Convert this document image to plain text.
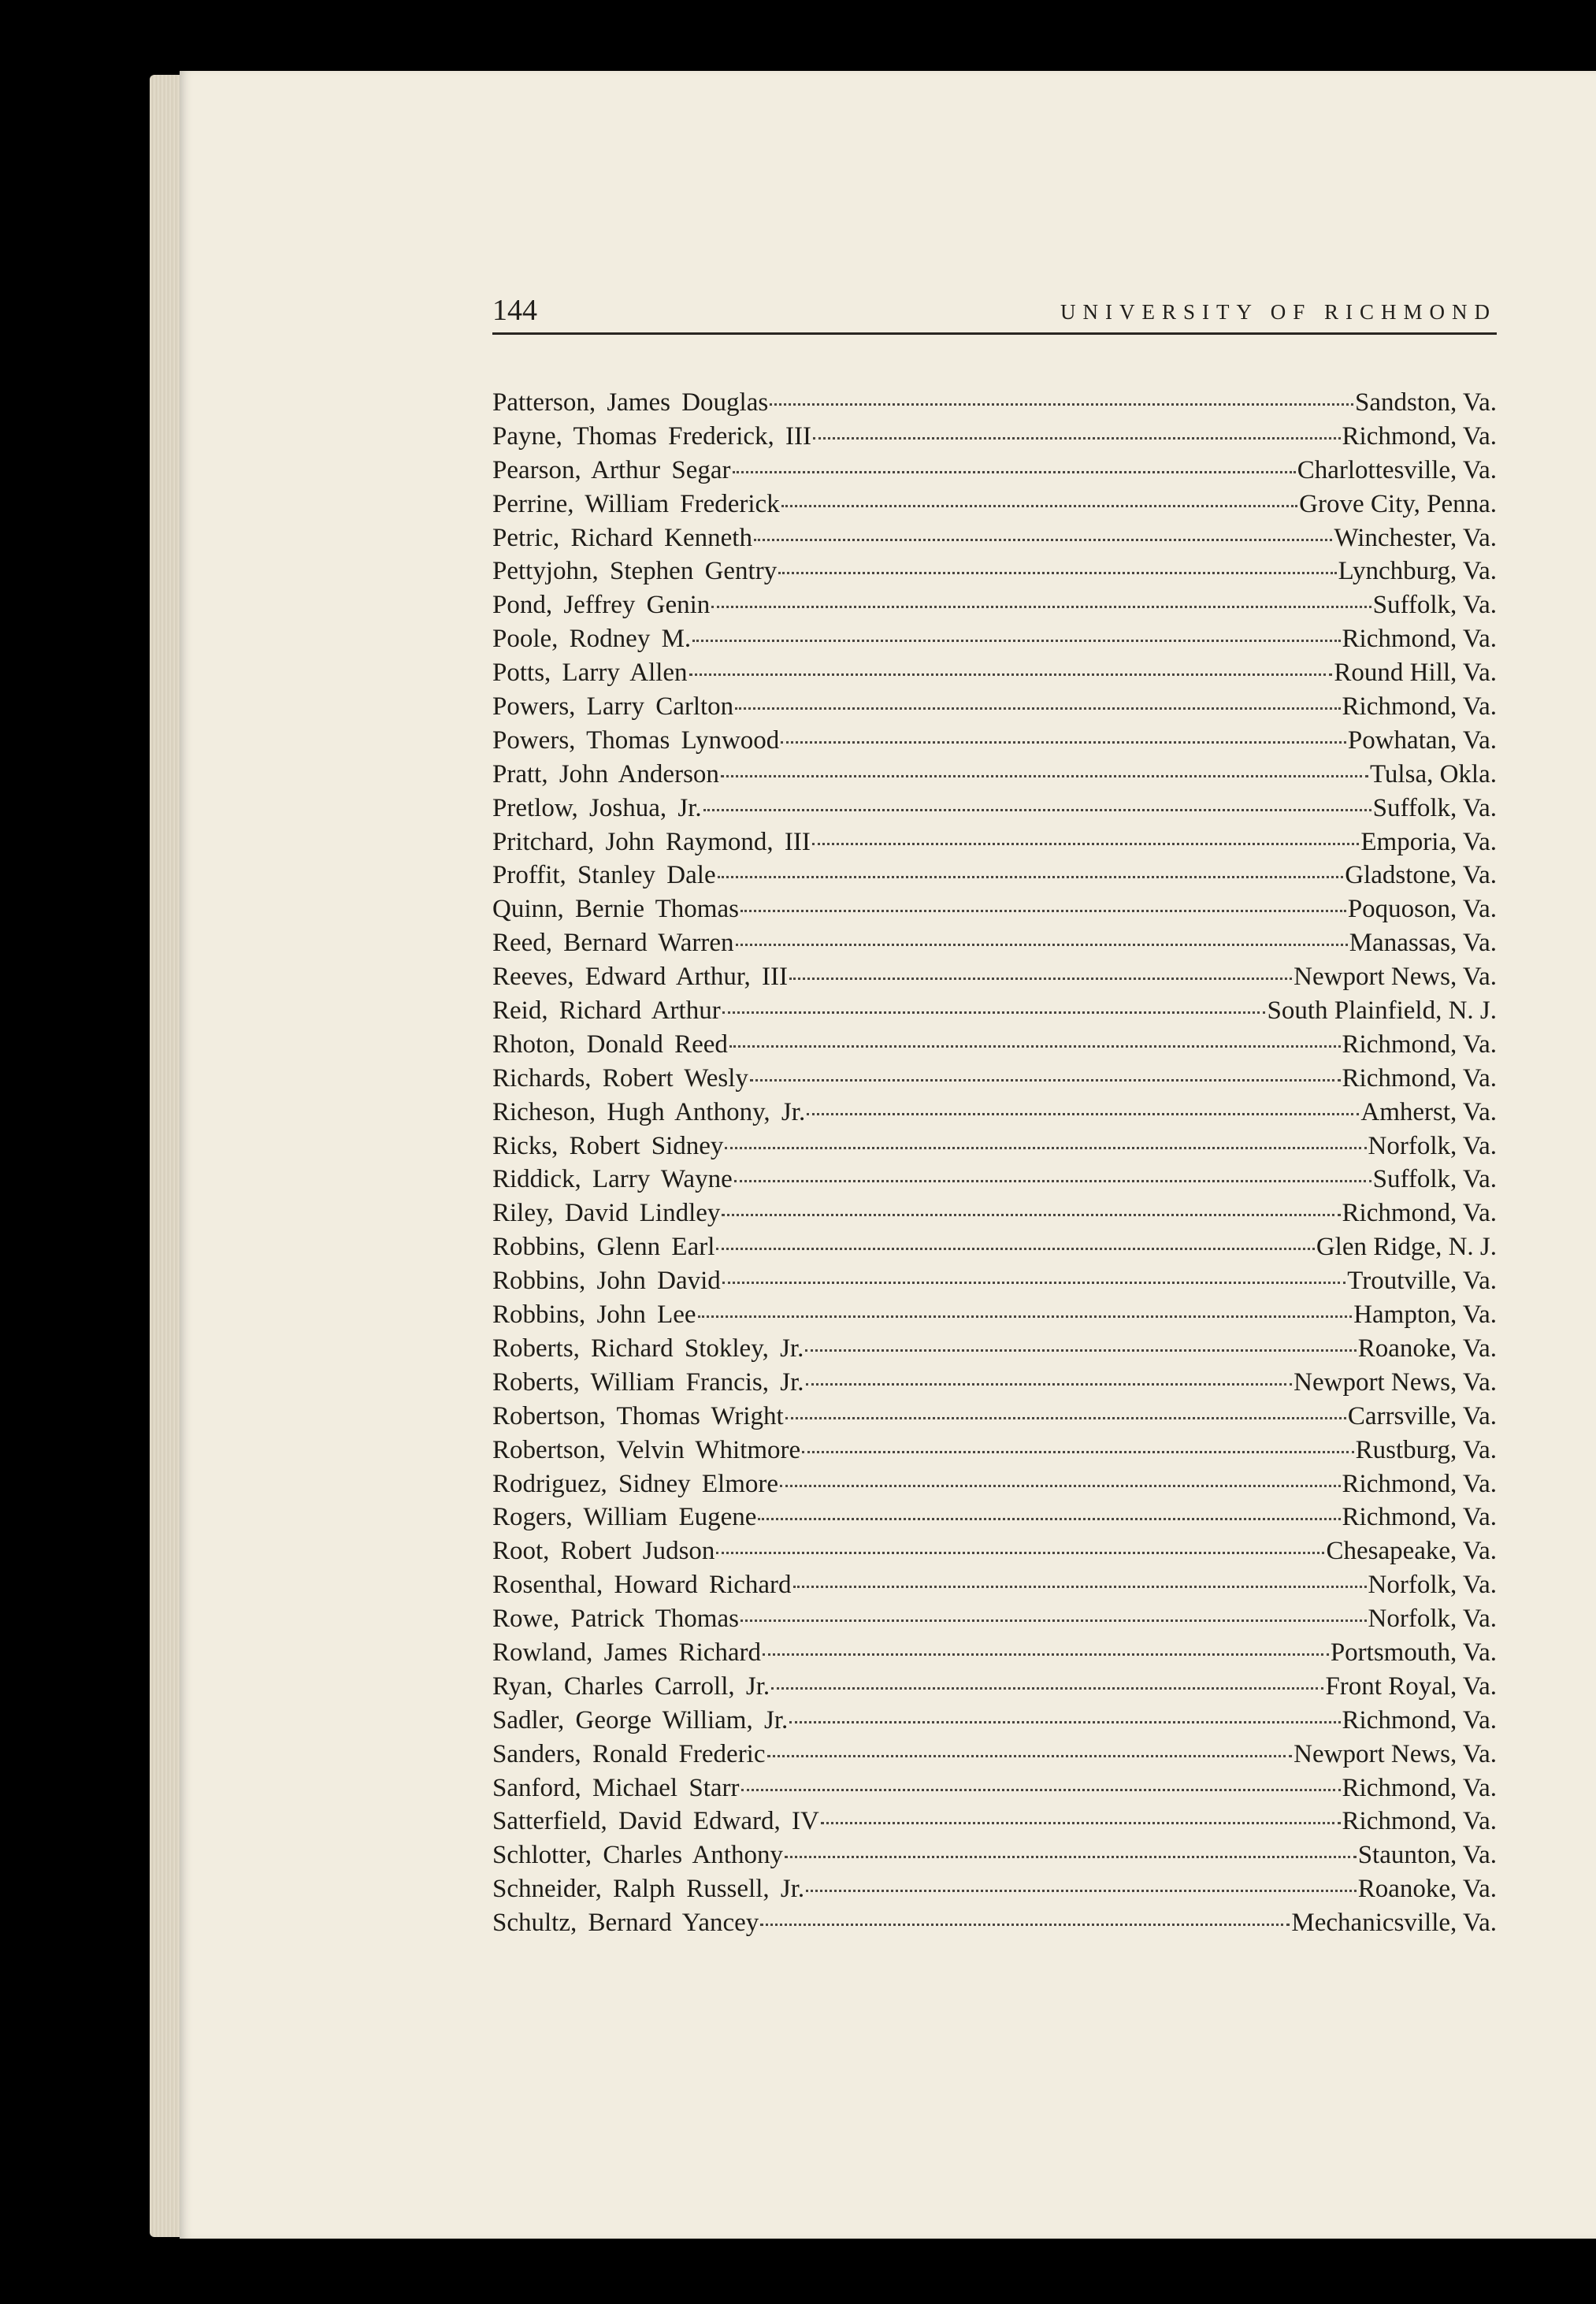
144	UNIVERSITY OF RICHMOND
Patterson, James Douglas	Sandston, Va.
Payne, Thomas Frederick, III	Richmond, Va.
Pearson, Arthur Segar	Charlottesville, Va.
Perrine, William Frederick	Grove City, Penna.
Petric, Richard Kenneth	Winchester, Va.
Pettyjohn, Stephen Gentry	Lynchburg, Va.
Pond, Jeffrey Genin	Suffolk, Va.
Poole, Rodney M.	Richmond, Va.
Potts, Larry Allen	Round Hill, Va.
Powers, Larry Carlton	Richmond, Va.
Powers, Thomas Lynwood	Powhatan, Va.
Pratt, John Anderson	Tulsa, Okla.
Pretlow, Joshua, Jr.	Suffolk, Va.
Pritchard, John Raymond, III	Emporia, Va.
Proffit, Stanley Dale	Gladstone, Va.
Quinn, Bernie Thomas	Poquoson, Va.
Reed, Bernard Warren	Manassas, Va.
Reeves, Edward Arthur, III	Newport News, Va.
Reid, Richard Arthur	South Plainfield, N. J.
Rhoton, Donald Reed	Richmond, Va.
Richards, Robert Wesly	Richmond, Va.
Richeson, Hugh Anthony, Jr.	Amherst, Va.
Ricks, Robert Sidney	Norfolk, Va.
Riddick, Larry Wayne	Suffolk, Va.
Riley, David Lindley	Richmond, Va.
Robbins, Glenn Earl	Glen Ridge, N. J.
Robbins, John David	Troutville, Va.
Robbins, John Lee	Hampton, Va.
Roberts, Richard Stokley, Jr.	Roanoke, Va.
Roberts, William Francis, Jr.	Newport News, Va.
Robertson, Thomas Wright	Carrsville, Va.
Robertson, Velvin Whitmore	Rustburg, Va.
Rodriguez, Sidney Elmore	Richmond, Va.
Rogers, William Eugene	Richmond, Va.
Root, Robert Judson	Chesapeake, Va.
Rosenthal, Howard Richard	Norfolk, Va.
Rowe, Patrick Thomas	Norfolk, Va.
Rowland, James Richard	Portsmouth, Va.
Ryan, Charles Carroll, Jr.	Front Royal, Va.
Sadler, George William, Jr.	Richmond, Va.
Sanders, Ronald Frederic	Newport News, Va.
Sanford, Michael Starr	Richmond, Va.
Satterfield, David Edward, IV	Richmond, Va.
Schlotter, Charles Anthony	Staunton, Va.
Schneider, Ralph Russell, Jr.	Roanoke, Va.
Schultz, Bernard Yancey	Mechanicsville, Va.
